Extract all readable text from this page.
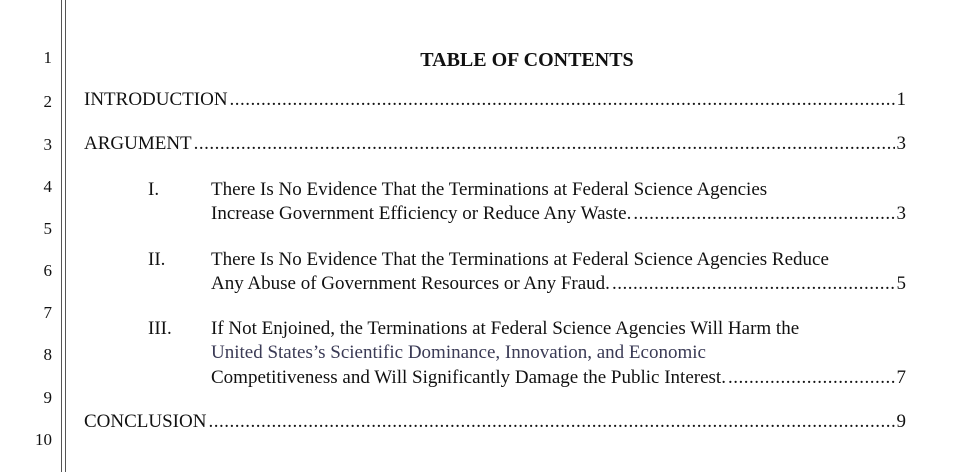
1
2
3
4
5
6
7
8
9
10
TABLE OF CONTENTS
INTRODUCTION .....	1
ARGUMENT .....	3
I.	There Is No Evidence That the Terminations at Federal Science Agencies
Increase Government Efficiency or Reduce Any Waste. .....	3
II. There Is No Evidence That the Terminations at Federal Science Agencies Reduce
Any Abuse of Government Resources or Any Fraud. .....	5
III. If Not Enjoined, the Terminations at Federal Science Agencies Will Harm the
United States’s Scientific Dominance, Innovation, and Economic
Competitiveness and Will Significantly Damage the Public Interest. .....	7
CONCLUSION .....	9
